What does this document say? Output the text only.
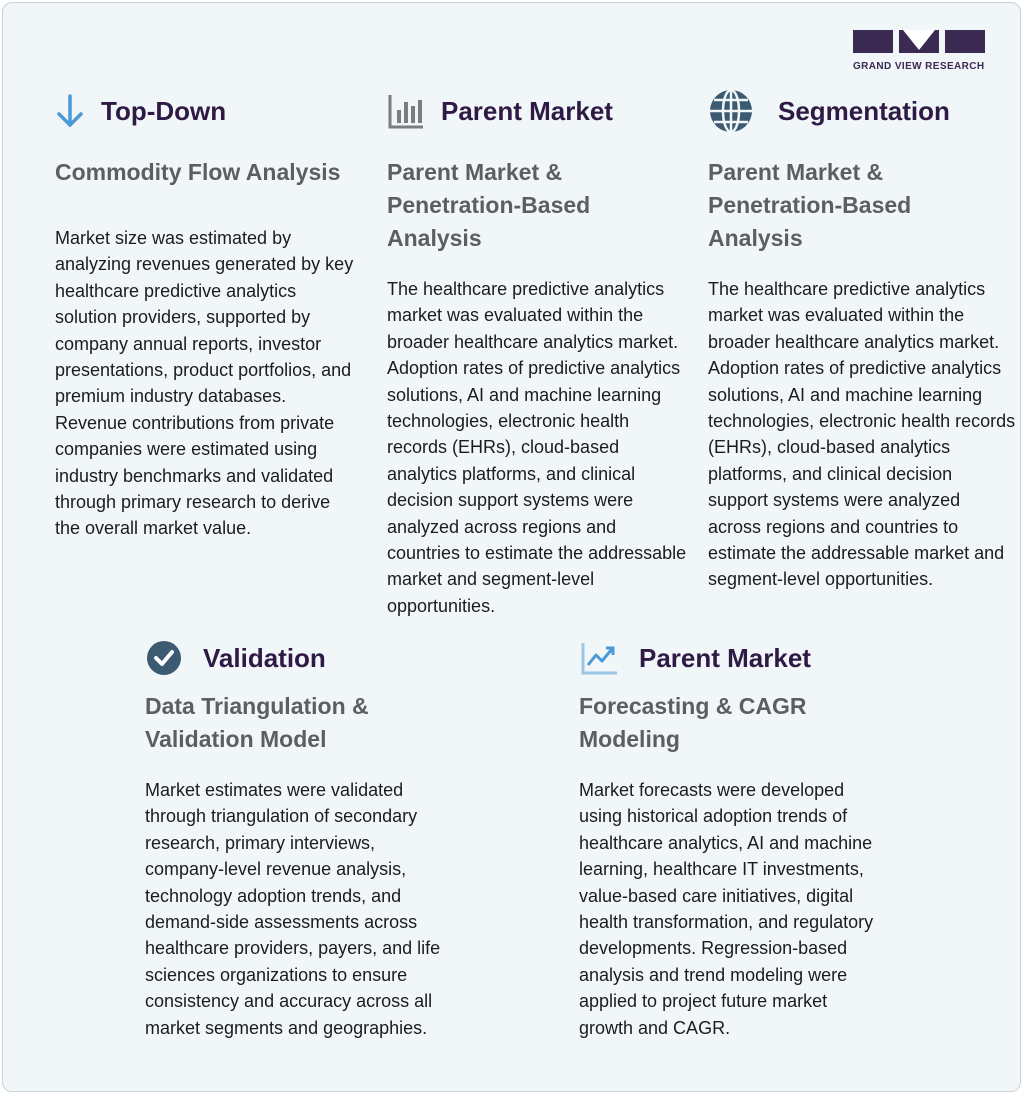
GRAND VIEW RESEARCH
Top-Down
Commodity Flow Analysis
Market size was estimated by analyzing revenues generated by key healthcare predictive analytics solution providers, supported by company annual reports, investor presentations, product portfolios, and premium industry databases. Revenue contributions from private companies were estimated using industry benchmarks and validated through primary research to derive the overall market value.
Parent Market
Parent Market & Penetration-Based Analysis
The healthcare predictive analytics market was evaluated within the broader healthcare analytics market. Adoption rates of predictive analytics solutions, AI and machine learning technologies, electronic health records (EHRs), cloud-based analytics platforms, and clinical decision support systems were analyzed across regions and countries to estimate the addressable market and segment-level opportunities.
Segmentation
Parent Market & Penetration-Based Analysis
The healthcare predictive analytics market was evaluated within the broader healthcare analytics market. Adoption rates of predictive analytics solutions, AI and machine learning technologies, electronic health records (EHRs), cloud-based analytics platforms, and clinical decision support systems were analyzed across regions and countries to estimate the addressable market and segment-level opportunities.
Validation
Data Triangulation & Validation Model
Market estimates were validated through triangulation of secondary research, primary interviews, company-level revenue analysis, technology adoption trends, and demand-side assessments across healthcare providers, payers, and life sciences organizations to ensure consistency and accuracy across all market segments and geographies.
Parent Market
Forecasting & CAGR Modeling
Market forecasts were developed using historical adoption trends of healthcare analytics, AI and machine learning, healthcare IT investments, value-based care initiatives, digital health transformation, and regulatory developments. Regression-based analysis and trend modeling were applied to project future market growth and CAGR.
